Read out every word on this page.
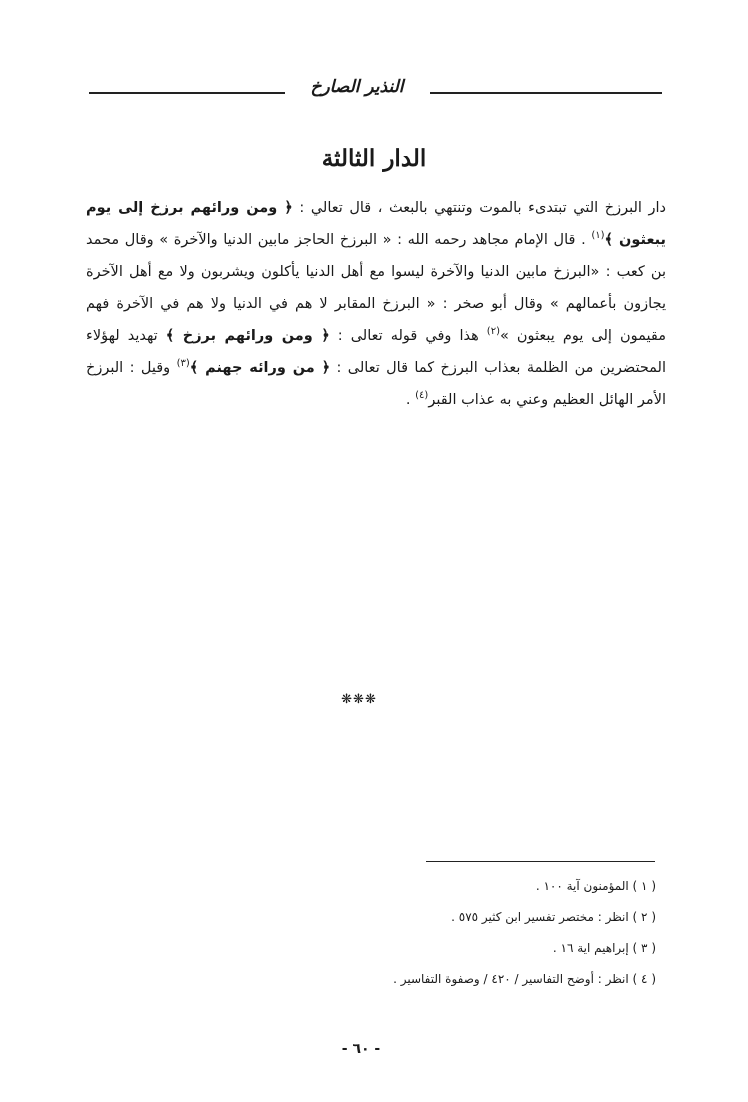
النذير الصارخ
الدار الثالثة

دار البرزخ التي تبتدىء بالموت وتنتهي بالبعث ، قال تعالي : ﴿ ومن ورائهم برزخ إلى يوم يبعثون ﴾$^{(١)}$ . قال الإمام مجاهد رحمه الله : « البرزخ الحاجز مابين الدنيا والآخرة » وقال محمد بن كعب : «البرزخ مابين الدنيا والآخرة ليسوا مع أهل الدنيا يأكلون ويشربون ولا مع أهل الآخرة يجازون بأعمالهم » وقال أبو صخر : « البرزخ المقابر لا هم في الدنيا ولا هم في الآخرة فهم مقيمون إلى يوم يبعثون »$^{(٢)}$ هذا وفي قوله تعالى : ﴿ ومن ورائهم برزخ ﴾ تهديد لهؤلاء المحتضرين من الظلمة بعذاب البرزخ كما قال تعالى : ﴿ من ورائه جهنم ﴾$^{(٣)}$ وقيل : البرزخ الأمر الهائل العظيم وعني به عذاب القبر$^{(٤)}$ .

❋❋❋
( ١ ) المؤمنون آية ١٠٠ .
( ٢ ) انظر : مختصر تفسير ابن كثير ٥٧٥ .
( ٣ ) إبراهيم اية ١٦ .
( ٤ ) انظر : أوضح التفاسير / ٤٢٠ / وصفوة التفاسير .
- ٦٠ -
